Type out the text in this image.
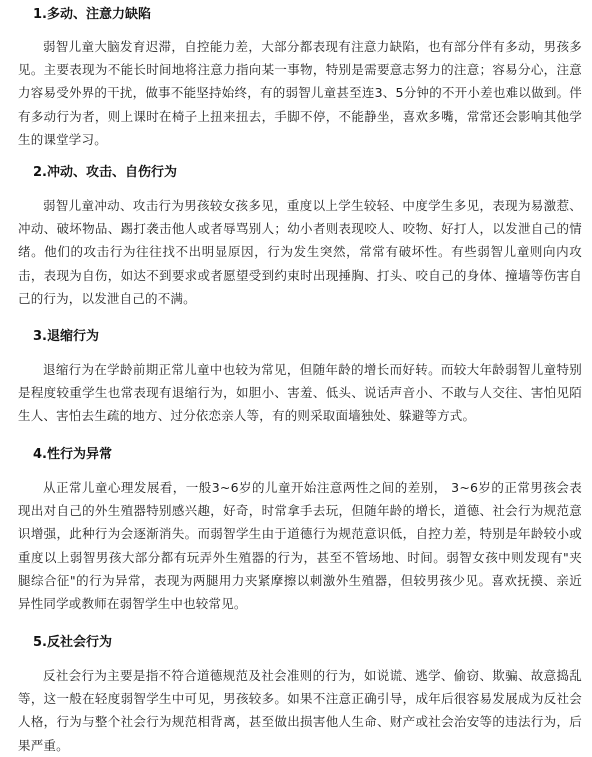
1.多动、注意力缺陷
弱智儿童大脑发育迟滞，自控能力差，大部分都表现有注意力缺陷，也有部分伴有多动，男孩多见。主要表现为不能长时间地将注意力指向某一事物，特别是需要意志努力的注意；容易分心，注意力容易受外界的干扰，做事不能坚持始终，有的弱智儿童甚至连3、5分钟的不开小差也难以做到。伴有多动行为者，则上课时在椅子上扭来扭去，手脚不停，不能静坐，喜欢多嘴，常常还会影响其他学生的课堂学习。
2.冲动、攻击、自伤行为
弱智儿童冲动、攻击行为男孩较女孩多见，重度以上学生较轻、中度学生多见，表现为易激惹、冲动、破坏物品、踢打袭击他人或者辱骂别人；幼小者则表现咬人、咬物、好打人，以发泄自己的情绪。他们的攻击行为往往找不出明显原因，行为发生突然，常常有破坏性。有些弱智儿童则向内攻击，表现为自伤，如达不到要求或者愿望受到约束时出现捶胸、打头、咬自己的身体、撞墙等伤害自己的行为，以发泄自己的不满。
3.退缩行为
退缩行为在学龄前期正常儿童中也较为常见，但随年龄的增长而好转。而较大年龄弱智儿童特别是程度较重学生也常表现有退缩行为，如胆小、害羞、低头、说话声音小、不敢与人交往、害怕见陌生人、害怕去生疏的地方、过分依恋亲人等，有的则采取面墙独处、躲避等方式。
4.性行为异常
从正常儿童心理发展看，一般3~6岁的儿童开始注意两性之间的差别， 3~6岁的正常男孩会表现出对自己的外生殖器特别感兴趣，好奇，时常拿手去玩，但随年龄的增长，道德、社会行为规范意识增强，此种行为会逐渐消失。而弱智学生由于道德行为规范意识低，自控力差，特别是年龄较小或重度以上弱智男孩大部分都有玩弄外生殖器的行为，甚至不管场地、时间。弱智女孩中则发现有"夹腿综合征"的行为异常，表现为两腿用力夹紧摩擦以刺激外生殖器，但较男孩少见。喜欢抚摸、亲近异性同学或教师在弱智学生中也较常见。
5.反社会行为
反社会行为主要是指不符合道德规范及社会准则的行为，如说谎、逃学、偷窃、欺骗、故意捣乱等，这一般在轻度弱智学生中可见，男孩较多。如果不注意正确引导，成年后很容易发展成为反社会人格，行为与整个社会行为规范相背离，甚至做出损害他人生命、财产或社会治安等的违法行为，后果严重。
